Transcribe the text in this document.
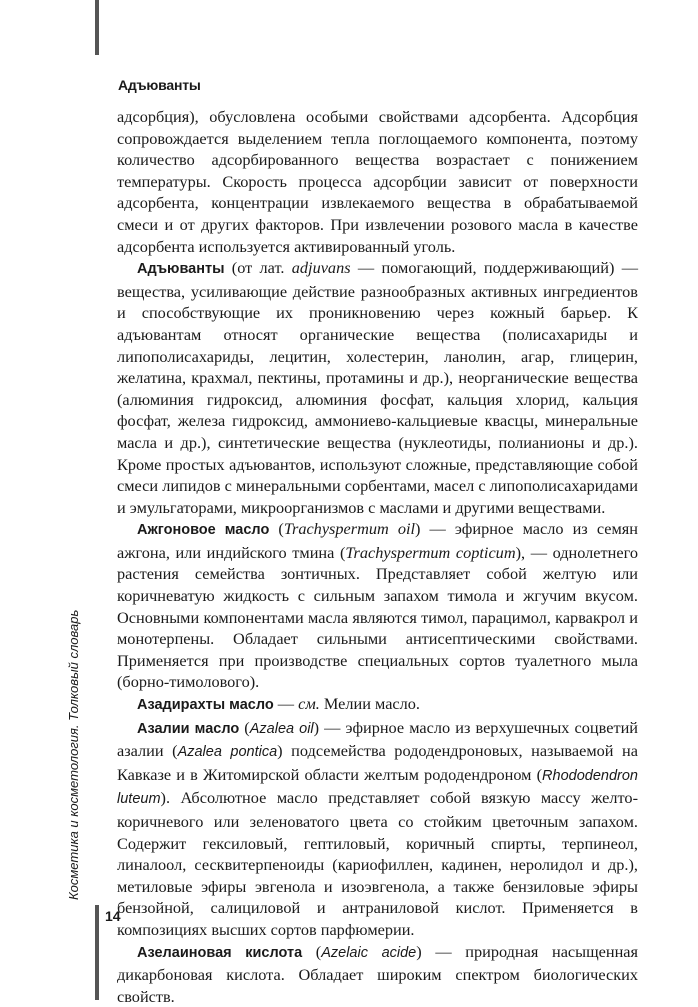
Адъюванты
Косметика и косметология. Толковый словарь

адсорбция), обусловлена особыми свойствами адсорбента. Адсорбция сопровождается выделением тепла поглощаемого компонента, поэтому количество адсорбированного вещества возрастает с понижением температуры. Скорость процесса адсорбции зависит от поверхности адсорбента, концентрации извлекаемого вещества в обрабатываемой смеси и от других факторов. При извлечении розового масла в качестве адсорбента используется активированный уголь.

Адъюванты (от лат. adjuvans — помогающий, поддерживающий) — вещества, усиливающие действие разнообразных активных ингредиентов и способствующие их проникновению через кожный барьер. К адъювантам относят органические вещества (полисахариды и липополисахариды, лецитин, холестерин, ланолин, агар, глицерин, желатина, крахмал, пектины, протамины и др.), неорганические вещества (алюминия гидроксид, алюминия фосфат, кальция хлорид, кальция фосфат, железа гидроксид, аммониево-кальциевые квасцы, минеральные масла и др.), синтетические вещества (нуклеотиды, полианионы и др.). Кроме простых адъювантов, используют сложные, представляющие собой смеси липидов с минеральными сорбентами, масел с липополисахаридами и эмульгаторами, микроорганизмов с маслами и другими веществами.

Ажгоновое масло (Trachyspermum oil) — эфирное масло из семян ажгона, или индийского тмина (Trachyspermum copticum), — однолетнего растения семейства зонтичных. Представляет собой желтую или коричневатую жидкость с сильным запахом тимола и жгучим вкусом. Основными компонентами масла являются тимол, парацимол, карвакрол и монотерпены. Обладает сильными антисептическими свойствами. Применяется при производстве специальных сортов туалетного мыла (борно-тимолового).

Азадирахты масло — см. Мелии масло.

Азалии масло (Azalea oil) — эфирное масло из верхушечных соцветий азалии (Azalea pontica) подсемейства рододендроновых, называемой на Кавказе и в Житомирской области желтым рододендроном (Rhododendron luteum). Абсолютное масло представляет собой вязкую массу желто-коричневого или зеленоватого цвета со стойким цветочным запахом. Содержит гексиловый, гептиловый, коричный спирты, терпинеол, линалоол, сесквитерпеноиды (кариофиллен, кадинен, неролидол и др.), метиловые эфиры эвгенола и изоэвгенола, а также бензиловые эфиры бензойной, салициловой и антраниловой кислот. Применяется в композициях высших сортов парфюмерии.

Азелаиновая кислота (Azelaic acide) — природная насыщенная дикарбоновая кислота. Обладает широким спектром биологических свойств.

14
